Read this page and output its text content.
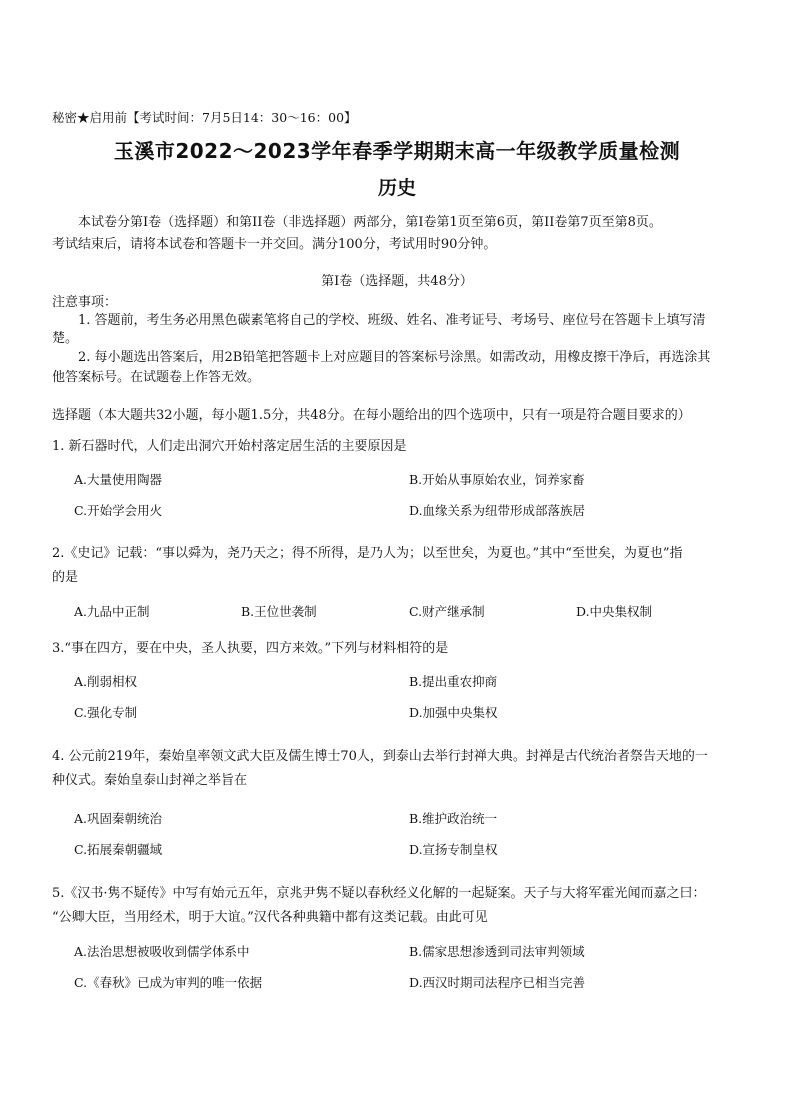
秘密★启用前【考试时间：7月5日14：30～16：00】
玉溪市2022～2023学年春季学期期末高一年级教学质量检测
历史
本试卷分第I卷（选择题）和第II卷（非选择题）两部分，第I卷第1页至第6页，第II卷第7页至第8页。
考试结束后，请将本试卷和答题卡一并交回。满分100分，考试用时90分钟。
第I卷（选择题，共48分）
注意事项：
1. 答题前，考生务必用黑色碳素笔将自己的学校、班级、姓名、准考证号、考场号、座位号在答题卡上填写清
楚。
2. 每小题选出答案后，用2B铅笔把答题卡上对应题目的答案标号涂黑。如需改动，用橡皮擦干净后，再选涂其
他答案标号。在试题卷上作答无效。
选择题（本大题共32小题，每小题1.5分，共48分。在每小题给出的四个选项中，只有一项是符合题目要求的）
1. 新石器时代，人们走出洞穴开始村落定居生活的主要原因是
A.大量使用陶器	B.开始从事原始农业，饲养家畜
C.开始学会用火	D.血缘关系为纽带形成部落族居
2.《史记》记载：“事以舜为，尧乃天之；得不所得，是乃人为；以至世矣，为夏也。”其中“至世矣，为夏也”指
的是
A.九品中正制	B.王位世袭制	C.财产继承制	D.中央集权制
3.“事在四方，要在中央，圣人执要，四方来效。”下列与材料相符的是
A.削弱相权	B.提出重农抑商
C.强化专制	D.加强中央集权
4. 公元前219年，秦始皇率领文武大臣及儒生博士70人，到泰山去举行封禅大典。封禅是古代统治者祭告天地的一
种仪式。秦始皇泰山封禅之举旨在
A.巩固秦朝统治	B.维护政治统一
C.拓展秦朝疆域	D.宣扬专制皇权
5.《汉书·隽不疑传》中写有始元五年，京兆尹隽不疑以春秋经义化解的一起疑案。天子与大将军霍光闻而嘉之曰：
“公卿大臣，当用经术，明于大谊。”汉代各种典籍中都有这类记载。由此可见
A.法治思想被吸收到儒学体系中	B.儒家思想渗透到司法审判领域
C.《春秋》已成为审判的唯一依据	D.西汉时期司法程序已相当完善
